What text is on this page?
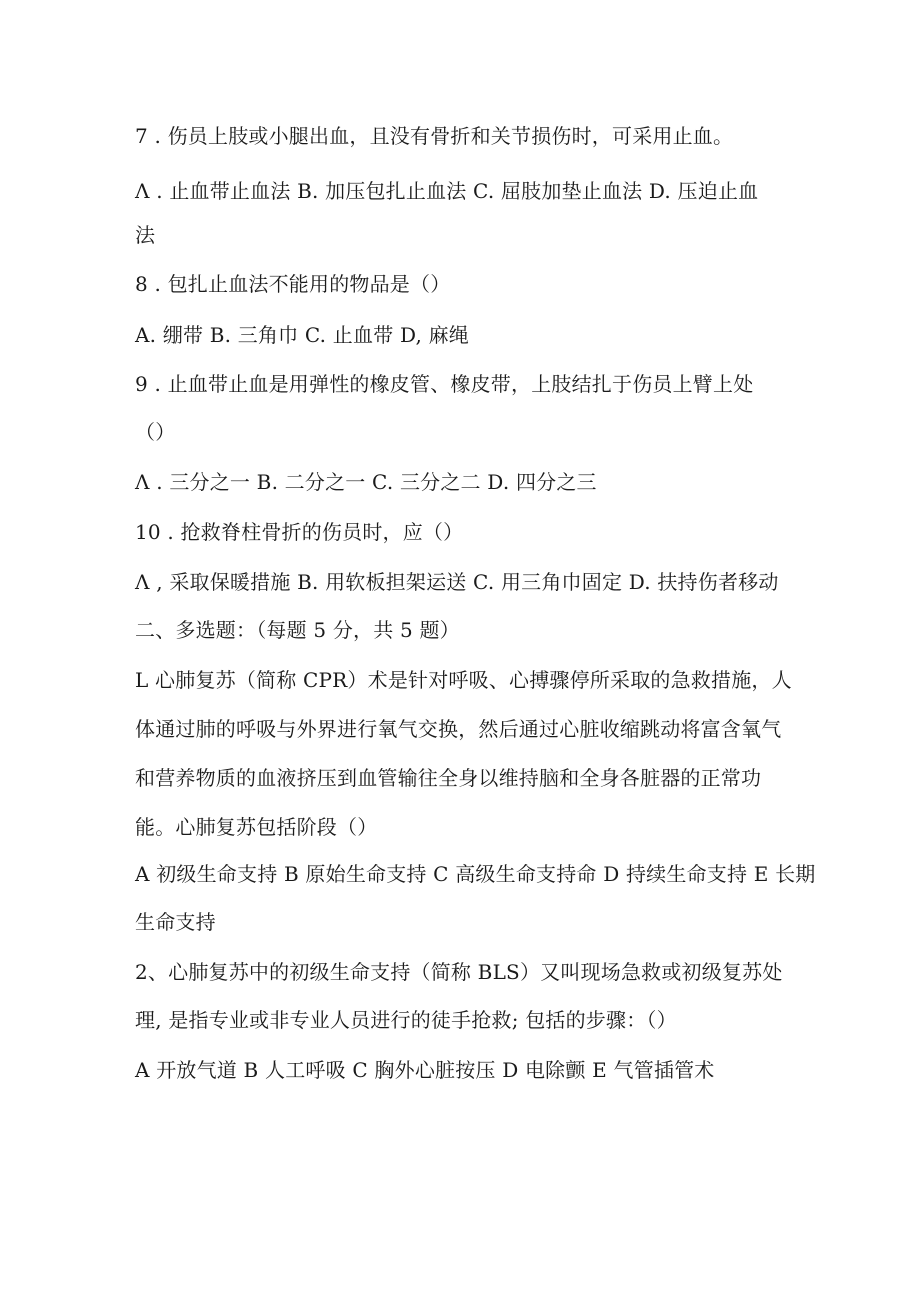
7 . 伤员上肢或小腿出血，且没有骨折和关节损伤时，可采用止血。

Λ . 止血带止血法 B. 加压包扎止血法 C. 屈肢加垫止血法 D. 压迫止血

法

8 . 包扎止血法不能用的物品是（）

A. 绷带 B. 三角巾 C. 止血带 D, 麻绳

9 . 止血带止血是用弹性的橡皮管、橡皮带，上肢结扎于伤员上臂上处

（）

Λ . 三分之一 B. 二分之一 C. 三分之二 D. 四分之三

10 . 抢救脊柱骨折的伤员时，应（）

Λ , 采取保暖措施 B. 用软板担架运送 C. 用三角巾固定 D. 扶持伤者移动

二、多选题：（每题 5 分，共 5 题）

L 心肺复苏（简称 CPR）术是针对呼吸、心搏骤停所采取的急救措施，人

体通过肺的呼吸与外界进行氧气交换，然后通过心脏收缩跳动将富含氧气

和营养物质的血液挤压到血管输往全身以维持脑和全身各脏器的正常功

能。心肺复苏包括阶段（）

A 初级生命支持 B 原始生命支持 C 高级生命支持命 D 持续生命支持 E 长期

生命支持

2、心肺复苏中的初级生命支持（简称 BLS）又叫现场急救或初级复苏处

理, 是指专业或非专业人员进行的徒手抢救; 包括的步骤：（）

A 开放气道 B 人工呼吸 C 胸外心脏按压 D 电除颤 E 气管插管术
